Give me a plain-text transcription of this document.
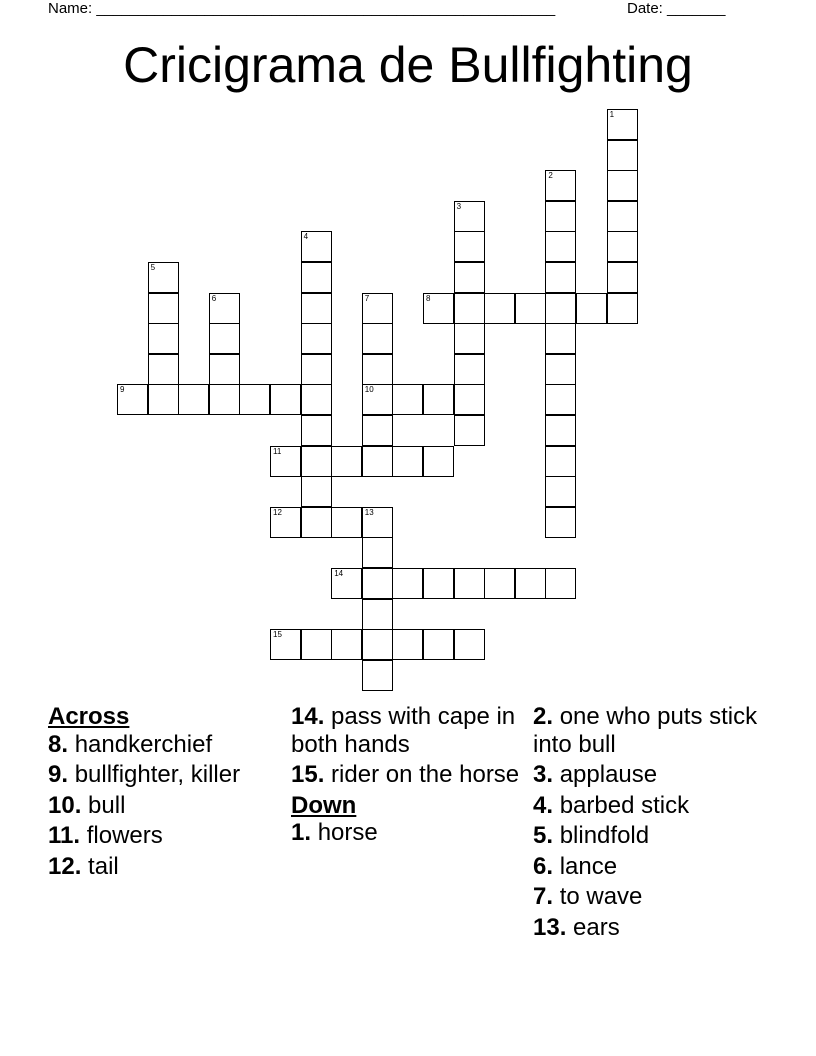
Name: _______________________________________________________	Date: _______
Cricigrama de Bullfighting
1
2
3
4
5
6	7
10
8
9
11
12	13
14
15
Across
8. handkerchief
9. bullfighter, killer
10. bull
11. flowers
12. tail
14. pass with cape in both hands
15. rider on the horse
Down
1. horse
2. one who puts stick into bull
3. applause
4. barbed stick
5. blindfold
6. lance
7. to wave
13. ears
